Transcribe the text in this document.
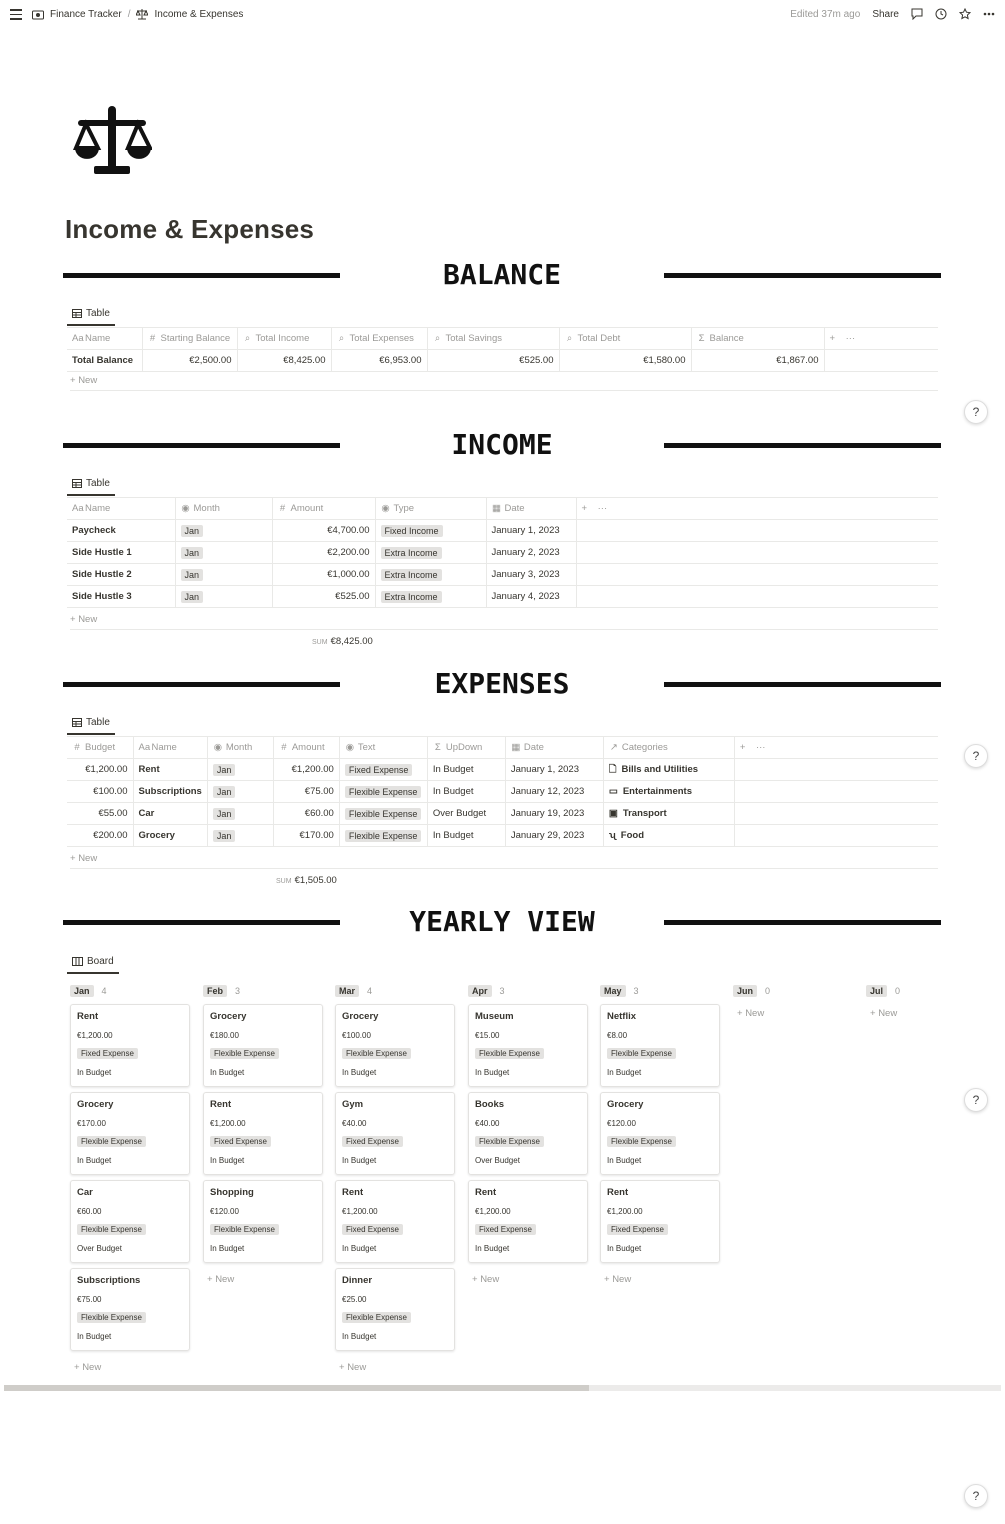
Finance Tracker / Income & Expenses	Edited 37m ago Share
Income & Expenses
BALANCE
Table
AaName	# Starting Balance	⌕ Total Income	⌕ Total Expenses	⌕ Total Savings	⌕ Total Debt	Σ Balance	+ ···
Total Balance	€2,500.00	€8,425.00	€6,953.00	€525.00	€1,580.00	€1,867.00	
+ New
INCOME
Table
AaName	◉ Month	# Amount	◉ Type	▦ Date	+ ···
Paycheck	Jan	€4,700.00	Fixed Income	January 1, 2023	
Side Hustle 1	Jan	€2,200.00	Extra Income	January 2, 2023	
Side Hustle 2	Jan	€1,000.00	Extra Income	January 3, 2023	
Side Hustle 3	Jan	€525.00	Extra Income	January 4, 2023	
+ New
SUM €8,425.00
EXPENSES
Table
# Budget	AaName	◉ Month	# Amount	◉ Text	Σ UpDown	▦ Date	↗ Categories	+ ···
€1,200.00	Rent	Jan	€1,200.00	Fixed Expense	In Budget	January 1, 2023	🗋 Bills and Utilities	

€100.00	Subscriptions	Jan	€75.00	Flexible Expense	In Budget	January 12, 2023	▭ Entertainments	

€55.00	Car	Jan	€60.00	Flexible Expense	Over Budget	January 19, 2023	▣ Transport	

€200.00	Grocery	Jan	€170.00	Flexible Expense	In Budget	January 29, 2023	ʯ Food	

+ New
SUM €1,505.00
YEARLY VIEW
Board
Jan	4
Rent
€1,200.00
Fixed Expense
In Budget
Grocery
€170.00
Flexible Expense
In Budget
Car
€60.00
Flexible Expense
Over Budget
Subscriptions
€75.00
Flexible Expense
In Budget
+ New
Feb	3
Grocery
€180.00
Flexible Expense
In Budget
Rent
€1,200.00
Fixed Expense
In Budget
Shopping
€120.00
Flexible Expense
In Budget
+ New
Mar	4
Grocery
€100.00
Flexible Expense
In Budget
Gym
€40.00
Fixed Expense
In Budget
Rent
€1,200.00
Fixed Expense
In Budget
Dinner
€25.00
Flexible Expense
In Budget
+ New
Apr	3
Museum
€15.00
Flexible Expense
In Budget
Books
€40.00
Flexible Expense
Over Budget
Rent
€1,200.00
Fixed Expense
In Budget
+ New
May	3
Netflix
€8.00
Flexible Expense
In Budget
Grocery
€120.00
Flexible Expense
In Budget
Rent
€1,200.00
Fixed Expense
In Budget
+ New
Jun	0
+ New
Jul	0
+ New
?
?
?
?
